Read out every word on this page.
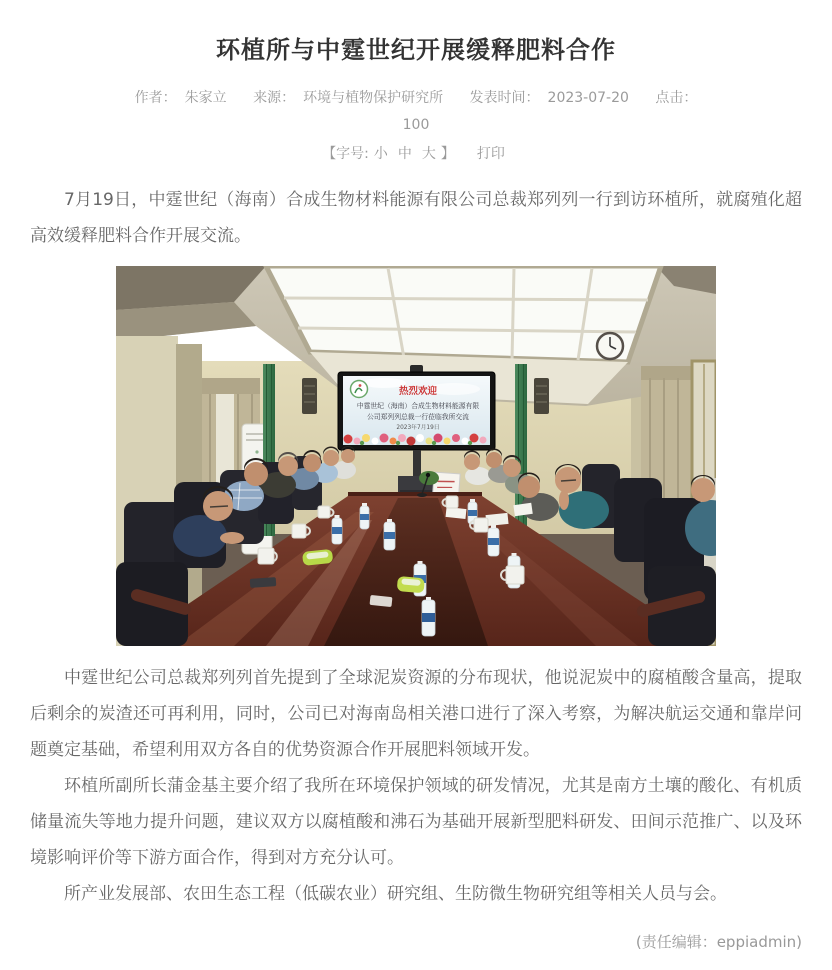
环植所与中霆世纪开展缓释肥料合作
作者： 朱家立 来源： 环境与植物保护研究所 发表时间： 2023-07-20 点击：
100
【字号: 小 中 大 】 打印

7月19日，中霆世纪（海南）合成生物材料能源有限公司总裁郑列列一行到访环植所，就腐殖化超高效缓释肥料合作开展交流。

热烈欢迎
中霆世纪（海南）合成生物材料能源有限
公司郑列列总裁一行莅临我所交流
2023年7月19日

中霆世纪公司总裁郑列列首先提到了全球泥炭资源的分布现状，他说泥炭中的腐植酸含量高，提取后剩余的炭渣还可再利用，同时，公司已对海南岛相关港口进行了深入考察，为解决航运交通和靠岸问题奠定基础，希望利用双方各自的优势资源合作开展肥料领域开发。

环植所副所长蒲金基主要介绍了我所在环境保护领域的研发情况，尤其是南方土壤的酸化、有机质储量流失等地力提升问题，建议双方以腐植酸和沸石为基础开展新型肥料研发、田间示范推广、以及环境影响评价等下游方面合作，得到对方充分认可。

所产业发展部、农田生态工程（低碳农业）研究组、生防微生物研究组等相关人员与会。

(责任编辑：eppiadmin)
